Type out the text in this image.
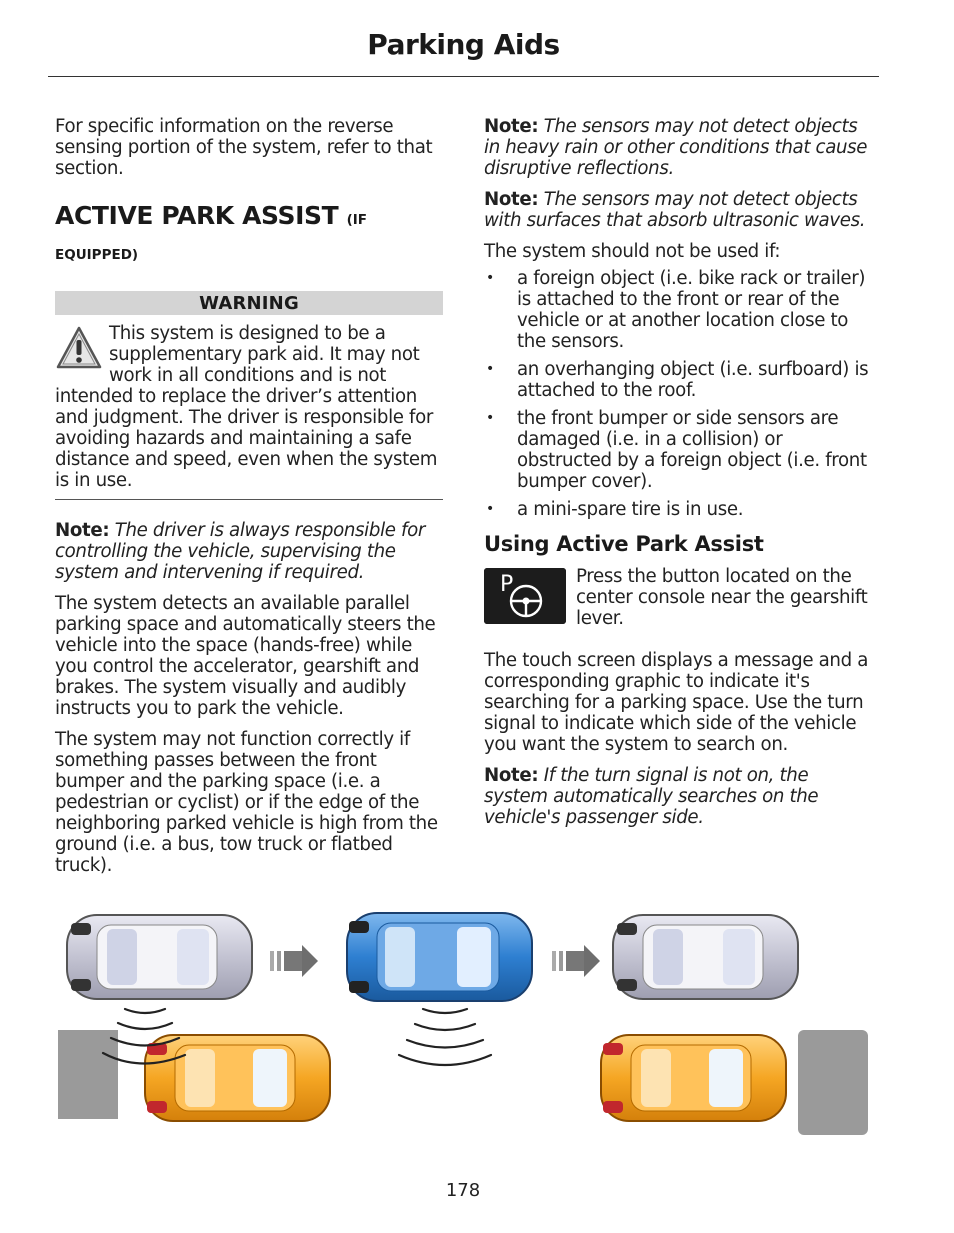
Parking Aids

For specific information on the reverse sensing portion of the system, refer to that section.

ACTIVE PARK ASSIST (IF
EQUIPPED)
WARNING
This system is designed to be a supplementary park aid. It may not work in all conditions and is not intended to replace the driver’s attention and judgment. The driver is responsible for avoiding hazards and maintaining a safe distance and speed, even when the system is in use.

Note: The driver is always responsible for controlling the vehicle, supervising the system and intervening if required.

The system detects an available parallel parking space and automatically steers the vehicle into the space (hands-free) while you control the accelerator, gearshift and brakes. The system visually and audibly instructs you to park the vehicle.

The system may not function correctly if something passes between the front bumper and the parking space (i.e. a pedestrian or cyclist) or if the edge of the neighboring parked vehicle is high from the ground (i.e. a bus, tow truck or flatbed truck).

Note: The sensors may not detect objects in heavy rain or other conditions that cause disruptive reflections.

Note: The sensors may not detect objects with surfaces that absorb ultrasonic waves.

The system should not be used if:

• a foreign object (i.e. bike rack or trailer) is attached to the front or rear of the vehicle or at another location close to the sensors.
• an overhanging object (i.e. surfboard) is attached to the roof.
• the front bumper or side sensors are damaged (i.e. in a collision) or obstructed by a foreign object (i.e. front bumper cover).
• a mini-spare tire is in use.
Using Active Park Assist
P	Press the button located on the center console near the gearshift lever.

The touch screen displays a message and a corresponding graphic to indicate it's searching for a parking space. Use the turn signal to indicate which side of the vehicle you want the system to search on.

Note: If the turn signal is not on, the system automatically searches on the vehicle's passenger side.

178
